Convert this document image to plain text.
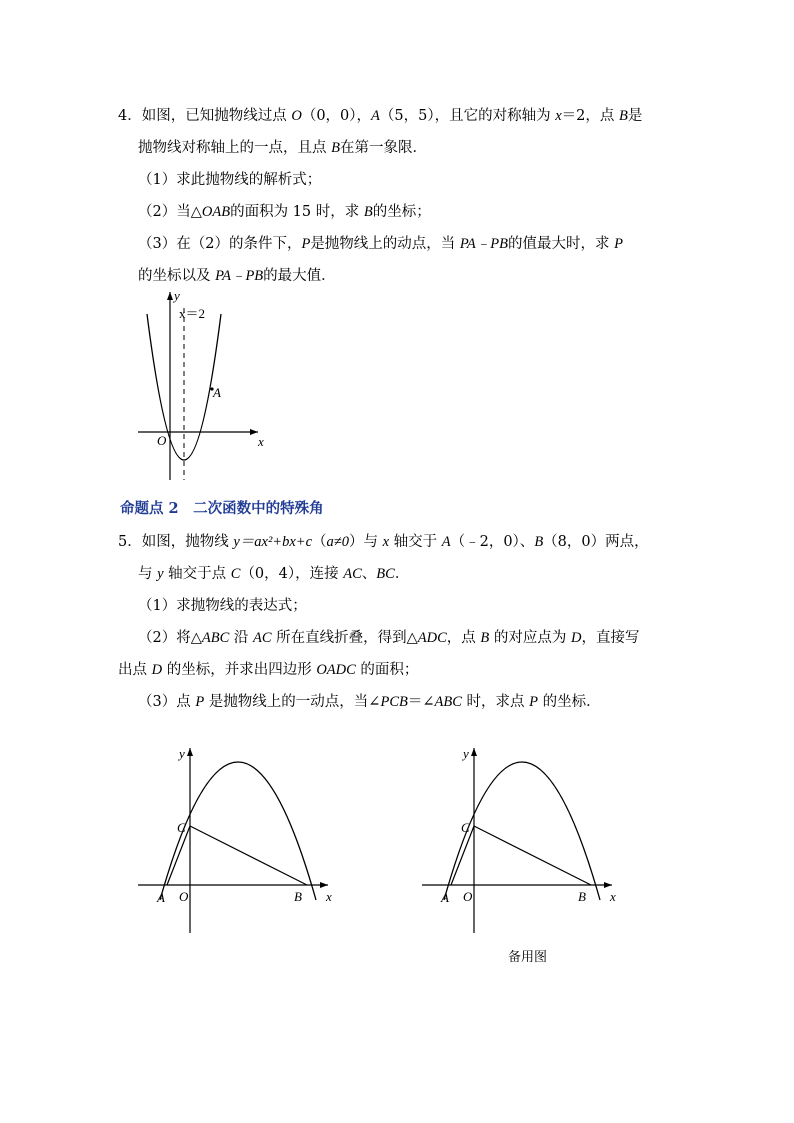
4．如图，已知抛物线过点 O（0，0），A（5，5），且它的对称轴为 x＝2，点 B是
抛物线对称轴上的一点，且点 B在第一象限．
（1）求此抛物线的解析式；
（2）当△OAB的面积为 15 时，求 B的坐标；
（3）在（2）的条件下，P是抛物线上的动点，当 PA﹣PB的值最大时，求 P
的坐标以及 PA﹣PB的最大值．
y
x
x＝2
A
O
命题点 2　二次函数中的特殊角
5．如图，抛物线 y＝ax²+bx+c（a≠0）与 x 轴交于 A（﹣2，0）、B（8，0）两点，
与 y 轴交于点 C（0，4），连接 AC、BC．
（1）求抛物线的表达式；
（2）将△ABC 沿 AC 所在直线折叠，得到△ADC，点 B 的对应点为 D，直接写
出点 D 的坐标，并求出四边形 OADC 的面积；
（3）点 P 是抛物线上的一动点，当∠PCB＝∠ABC 时，求点 P 的坐标．
y
x
A O	B
C
y
x
A O	B
C
备用图
